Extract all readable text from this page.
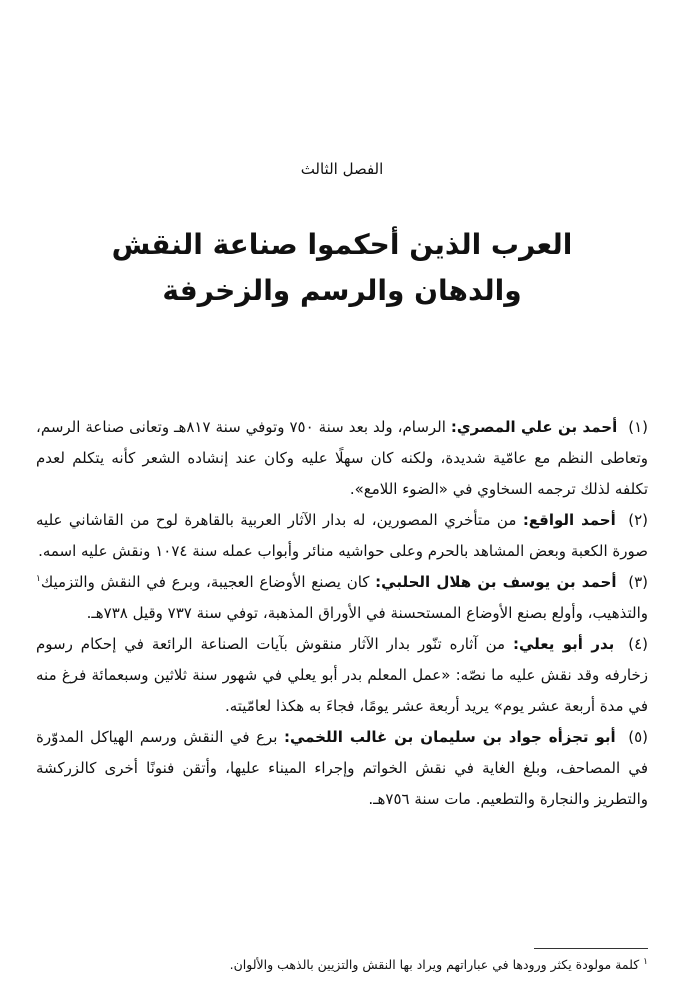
الفصل الثالث
العرب الذين أحكموا صناعة النقش
والدهان والرسم والزخرفة

(١) أحمد بن علي المصري: الرسام، ولد بعد سنة ٧٥٠ وتوفي سنة ٨١٧هـ وتعانى صناعة الرسم، وتعاطى النظم مع عامّية شديدة، ولكنه كان سهلًا عليه وكان عند إنشاده الشعر كأنه يتكلم لعدم تكلفه لذلك ترجمه السخاوي في «الضوء اللامع».

(٢) أحمد الواقع: من متأخري المصورين، له بدار الآثار العربية بالقاهرة لوح من القاشاني عليه صورة الكعبة وبعض المشاهد بالحرم وعلى حواشيه منائر وأبواب عمله سنة ١٠٧٤ ونقش عليه اسمه.

(٣) أحمد بن يوسف بن هلال الحلبي: كان يصنع الأوضاع العجيبة، وبرع في النقش والتزميك$^١$ والتذهيب، وأولع بصنع الأوضاع المستحسنة في الأوراق المذهبة، توفي سنة ٧٣٧ وقيل ٧٣٨هـ.

(٤) بدر أبو يعلي: من آثاره تنّور بدار الآثار منقوش بآيات الصناعة الرائعة في إحكام رسوم زخارفه وقد نقش عليه ما نصّه: «عمل المعلم بدر أبو يعلي في شهور سنة ثلاثين وسبعمائة فرغ منه في مدة أربعة عشر يوم» يريد أربعة عشر يومًا، فجاءَ به هكذا لعامّيته.

(٥) أبو تجزأه جواد بن سليمان بن غالب اللخمي: برع في النقش ورسم الهياكل المدوّرة في المصاحف، وبلغ الغاية في نقش الخواتم وإجراء الميناء عليها، وأتقن فنونًا أخرى كالزركشة والتطريز والنجارة والتطعيم. مات سنة ٧٥٦هـ.

$^١$ كلمة مولودة يكثر ورودها في عباراتهم ويراد بها النقش والتزيين بالذهب والألوان.
